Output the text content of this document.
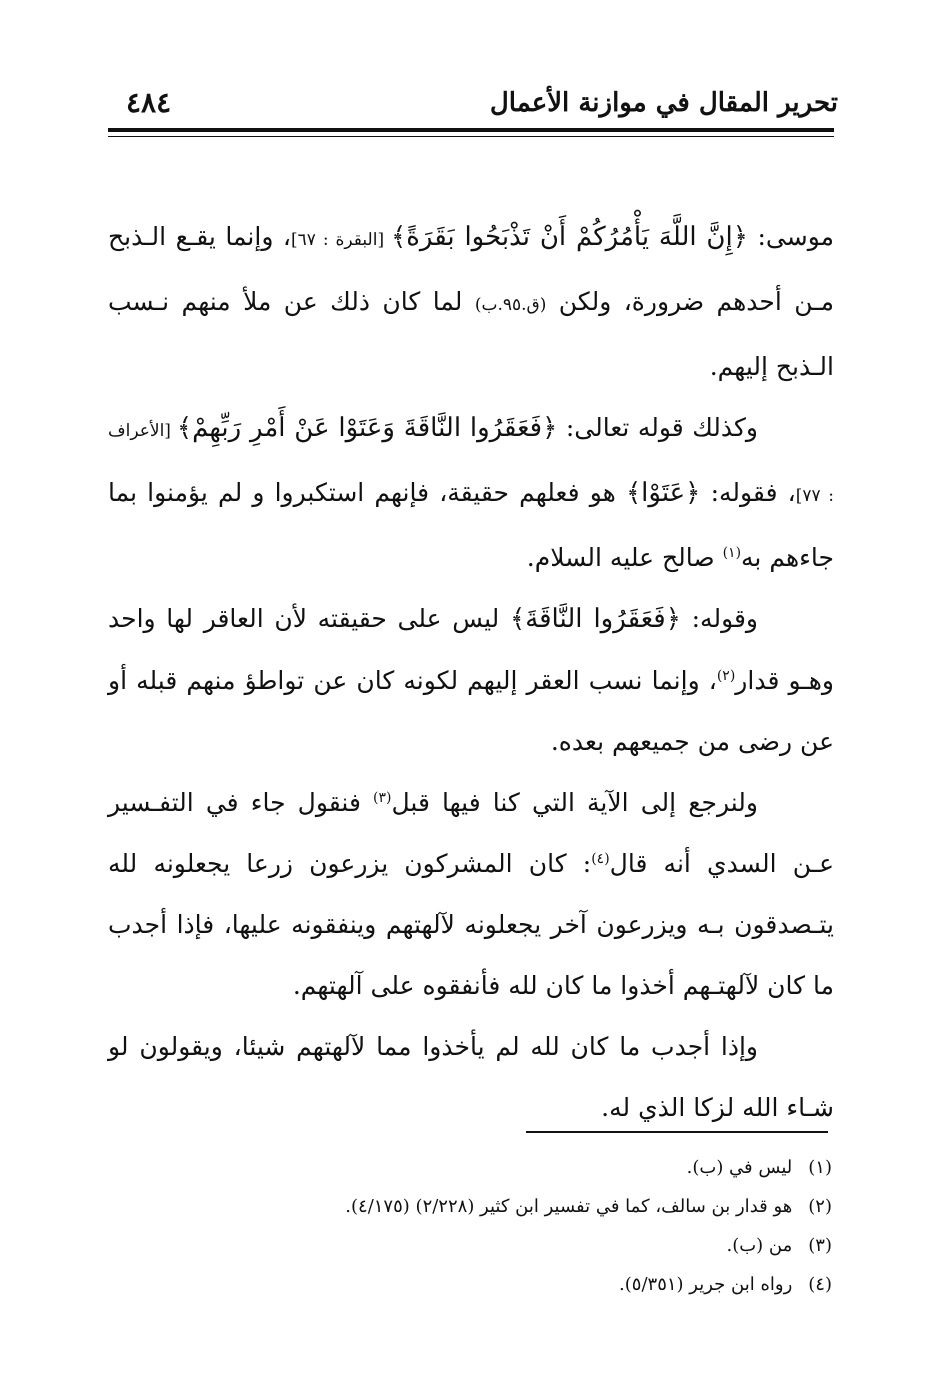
تحرير المقال في موازنة الأعمال
٤٨٤

موسى: ﴿إِنَّ اللَّهَ يَأْمُرُكُمْ أَنْ تَذْبَحُوا بَقَرَةً﴾ [البقرة : ٦٧]، وإنما يقـع الـذبح مـن أحدهم ضرورة، ولكن (ق.٩٥.ب) لما كان ذلك عن ملأ منهم نـسب الـذبح إليهم.

وكذلك قوله تعالى: ﴿فَعَقَرُوا النَّاقَةَ وَعَتَوْا عَنْ أَمْرِ رَبِّهِمْ﴾ [الأعراف : ٧٧]، فقوله: ﴿عَتَوْا﴾ هو فعلهم حقيقة، فإنهم استكبروا و لم يؤمنوا بما جاءهم به$^{(١)}$ صالح عليه السلام.

وقوله: ﴿فَعَقَرُوا النَّاقَةَ﴾ ليس على حقيقته لأن العاقر لها واحد وهـو قدار$^{(٢)}$، وإنما نسب العقر إليهم لكونه كان عن تواطؤ منهم قبله أو عن رضى من جميعهم بعده.

ولنرجع إلى الآية التي كنا فيها قبل$^{(٣)}$ فنقول جاء في التفـسير عـن السدي أنه قال$^{(٤)}$: كان المشركون يزرعون زرعا يجعلونه لله يتـصدقون بـه ويزرعون آخر يجعلونه لآلهتهم وينفقونه عليها، فإذا أجدب ما كان لآلهتـهم أخذوا ما كان لله فأنفقوه على آلهتهم.

وإذا أجدب ما كان لله لم يأخذوا مما لآلهتهم شيئا، ويقولون لو شـاء الله لزكا الذي له.

(١) ليس في (ب).
(٢) هو قدار بن سالف، كما في تفسير ابن كثير (٢/٢٢٨) (٤/١٧٥).
(٣) من (ب).
(٤) رواه ابن جرير (٥/٣٥١).
